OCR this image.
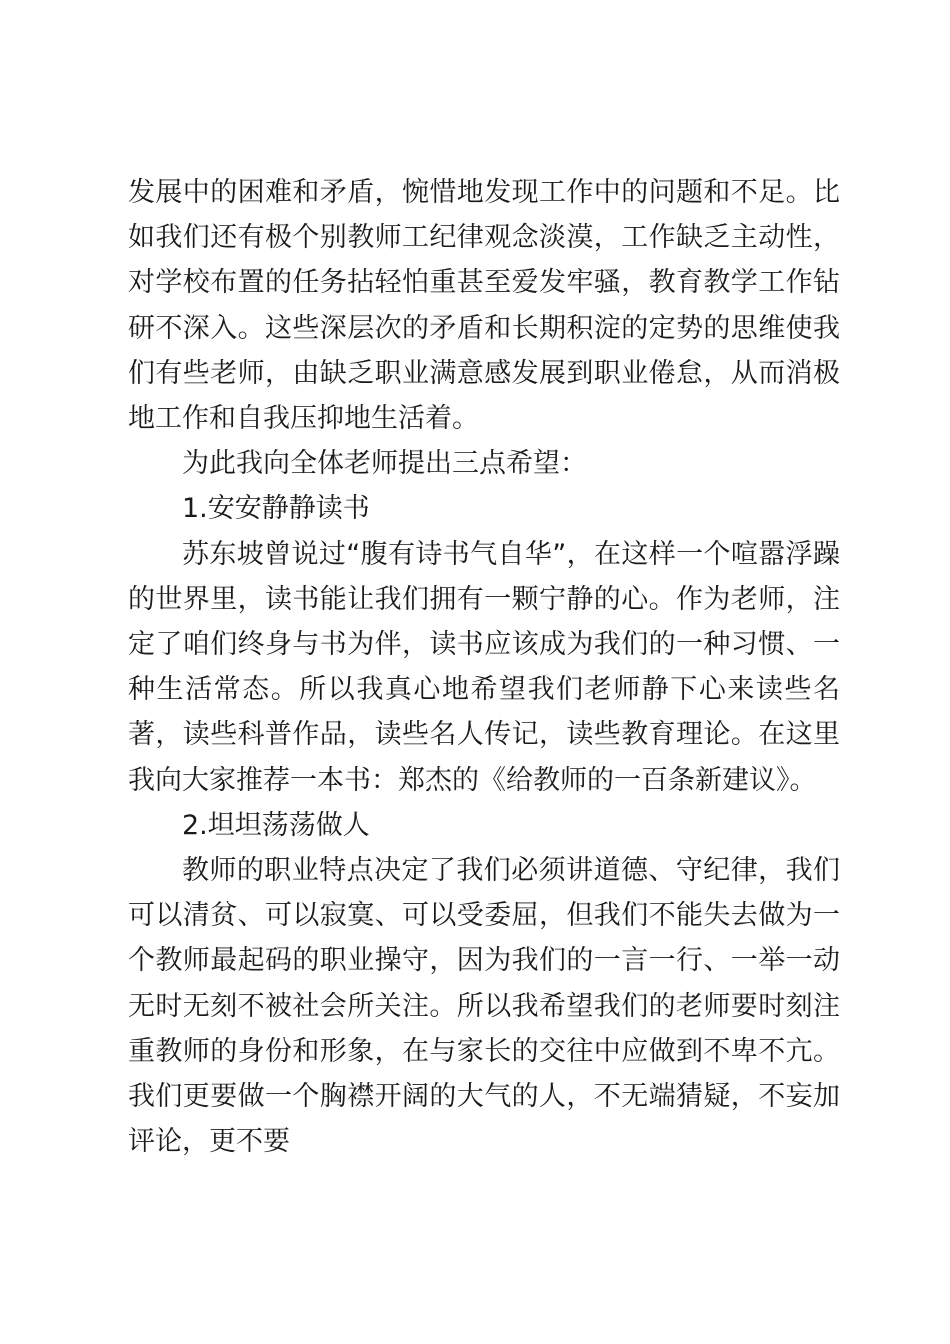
发展中的困难和矛盾，惋惜地发现工作中的问题和不足。比如我们还有极个别教师工纪律观念淡漠，工作缺乏主动性，对学校布置的任务拈轻怕重甚至爱发牢骚，教育教学工作钻研不深入。这些深层次的矛盾和长期积淀的定势的思维使我们有些老师，由缺乏职业满意感发展到职业倦怠，从而消极地工作和自我压抑地生活着。

为此我向全体老师提出三点希望：

1.安安静静读书

苏东坡曾说过“腹有诗书气自华”，在这样一个喧嚣浮躁的世界里，读书能让我们拥有一颗宁静的心。作为老师，注定了咱们终身与书为伴，读书应该成为我们的一种习惯、一种生活常态。所以我真心地希望我们老师静下心来读些名著，读些科普作品，读些名人传记，读些教育理论。在这里我向大家推荐一本书：郑杰的《给教师的一百条新建议》。

2.坦坦荡荡做人

教师的职业特点决定了我们必须讲道德、守纪律，我们可以清贫、可以寂寞、可以受委屈，但我们不能失去做为一个教师最起码的职业操守，因为我们的一言一行、一举一动无时无刻不被社会所关注。所以我希望我们的老师要时刻注重教师的身份和形象，在与家长的交往中应做到不卑不亢。我们更要做一个胸襟开阔的大气的人，不无端猜疑，不妄加评论，更不要
